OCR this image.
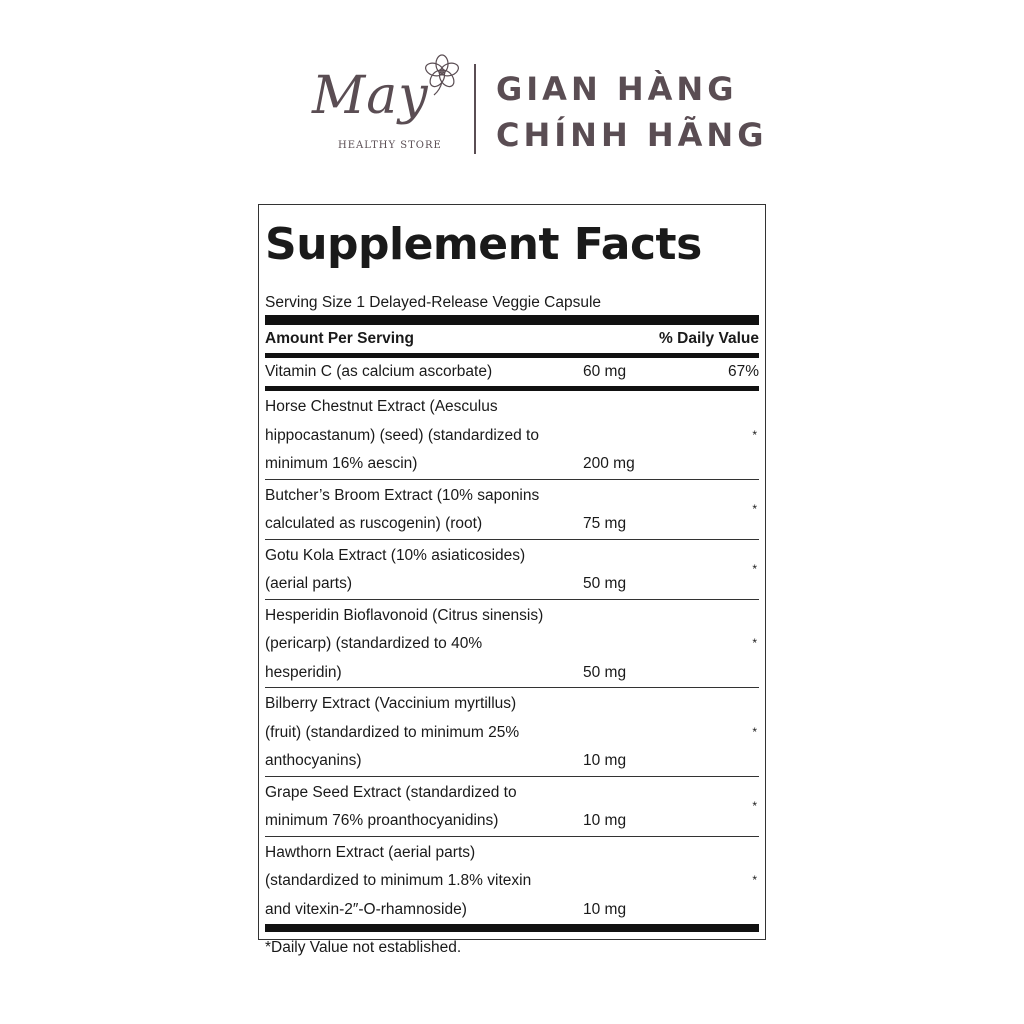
May
HEALTHY STORE
GIAN HÀNG
CHÍNH HÃNG
Supplement Facts
Serving Size 1 Delayed-Release Veggie Capsule
Amount Per Serving	% Daily Value
Vitamin C (as calcium ascorbate)	60 mg	67%
Horse Chestnut Extract (Aesculus
hippocastanum) (seed) (standardized to
minimum 16% aescin)	200 mg
*
Butcher’s Broom Extract (10% saponins
calculated as ruscogenin) (root)	75 mg
*
Gotu Kola Extract (10% asiaticosides)
(aerial parts)	50 mg
*
Hesperidin Bioflavonoid (Citrus sinensis)
(pericarp) (standardized to 40%
hesperidin)	50 mg
*
Bilberry Extract (Vaccinium myrtillus)
(fruit) (standardized to minimum 25%
anthocyanins)	10 mg
*
Grape Seed Extract (standardized to
minimum 76% proanthocyanidins)	10 mg
*
Hawthorn Extract (aerial parts)
(standardized to minimum 1.8% vitexin
and vitexin-2″-O-rhamnoside)	10 mg
*
*Daily Value not established.
